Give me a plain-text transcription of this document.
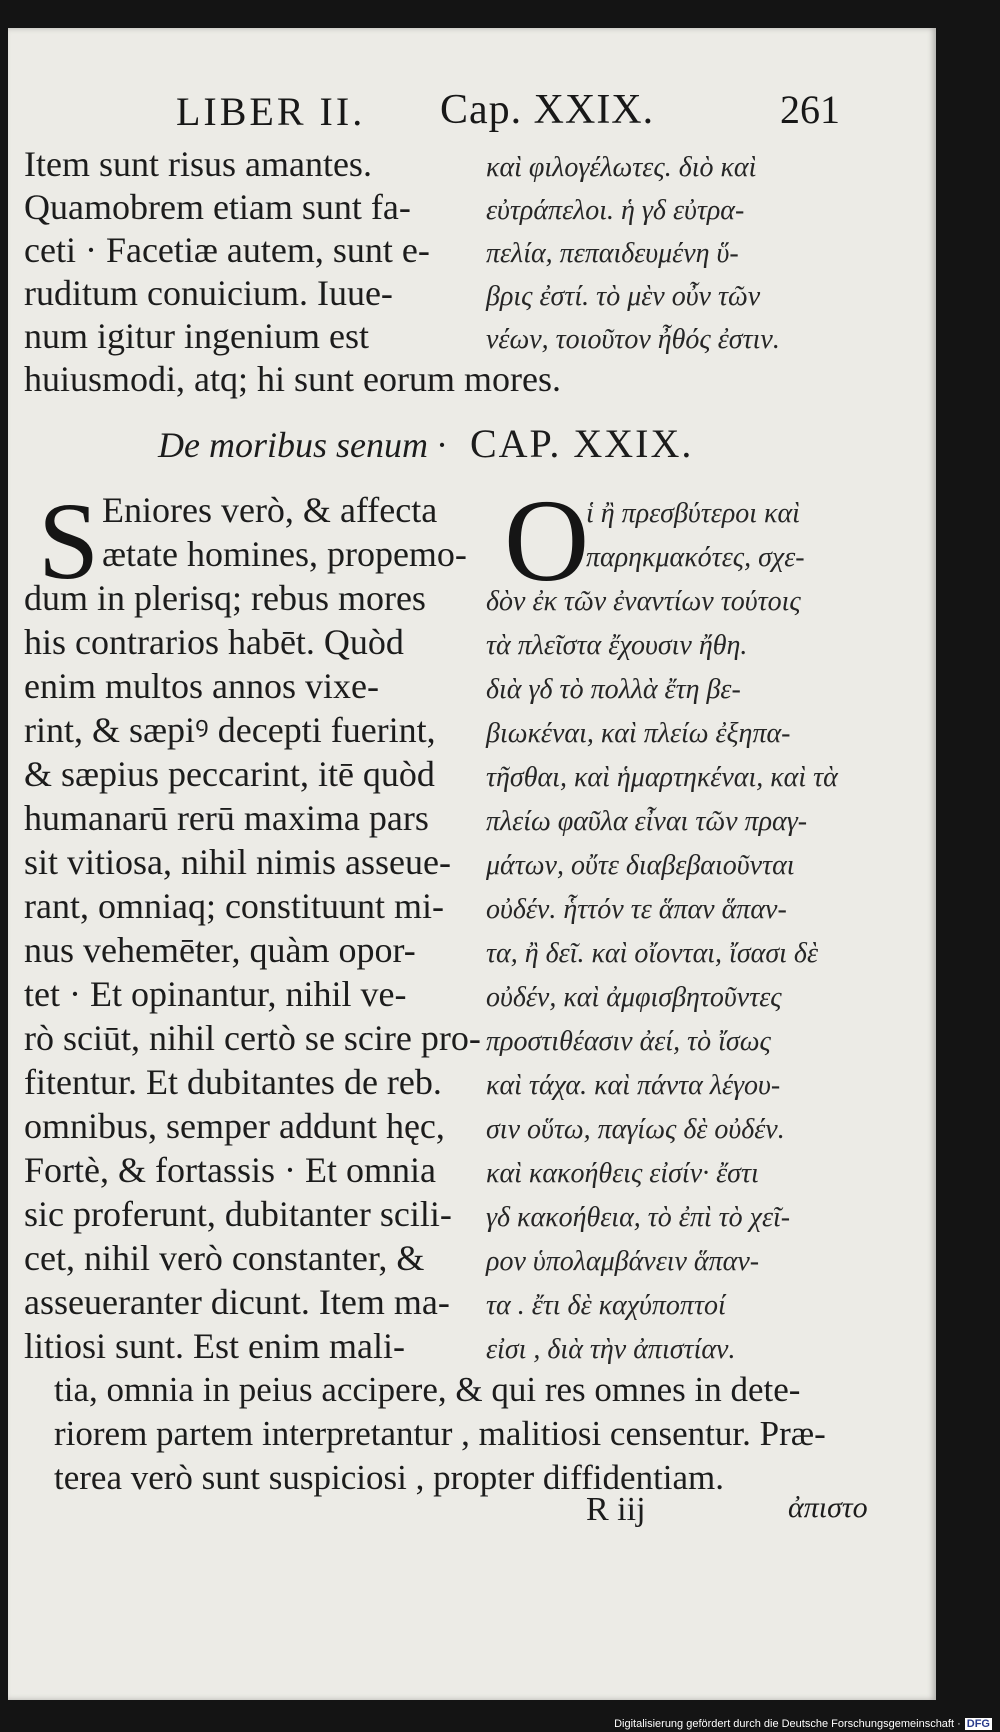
LIBER II. Cap. XXIX.	261
Item sunt risus amantes.
Quamobrem etiam sunt fa-
ceti · Facetiæ autem, sunt e-
ruditum conuicium. Iuue-
num igitur ingenium est
huiusmodi, atq; hi sunt eorum mores.
καὶ φιλογέλωτες. διὸ καὶ
εὐτράπελοι. ἡ γδ εὐτρα-
πελία, πεπαιδευμένη ὕ-
βρις ἐστί. τὸ μὲν οὖν τῶν
νέων, τοιοῦτον ἦθός ἐστιν.
De moribus senum · CAP. XXIX.
S	O
Eniores verò, & affecta
ætate homines, propemo-
dum in plerisq; rebus mores
his contrarios habēt. Quòd
enim multos annos vixe-
rint, & sæpiꝰ decepti fuerint,
& sæpius peccarint, itē quòd
humanarū rerū maxima pars
sit vitiosa, nihil nimis asseue-
rant, omniaq; constituunt mi-
nus vehemēter, quàm opor-
tet · Et opinantur, nihil ve-
rò sciūt, nihil certò se scire pro-
fitentur. Et dubitantes de reb.
omnibus, semper addunt hęc,
Fortè, & fortassis · Et omnia
sic proferunt, dubitanter scili-
cet, nihil verò constanter, &
asseueranter dicunt. Item ma-
litiosi sunt. Est enim mali-
ἱ ἢ πρεσβύτεροι καὶ
παρηκμακότες, σχε-
δὸν ἐκ τῶν ἐναντίων τούτοις
τὰ πλεῖστα ἔχουσιν ἤθη.
διὰ γδ τὸ πολλὰ ἔτη βε-
βιωκέναι, καὶ πλείω ἐξηπα-
τῆσθαι, καὶ ἡμαρτηκέναι, καὶ τὰ
πλείω φαῦλα εἶναι τῶν πραγ-
μάτων, οὔτε διαβεβαιοῦνται
οὐδέν. ἧττόν τε ἅπαν ἅπαν-
τα, ἢ δεῖ. καὶ οἴονται, ἴσασι δὲ
οὐδέν, καὶ ἀμφισβητοῦντες
προστιθέασιν ἀεί, τὸ ἴσως
καὶ τάχα. καὶ πάντα λέγου-
σιν οὕτω, παγίως δὲ οὐδέν.
καὶ κακοήθεις εἰσίν· ἔστι
γδ κακοήθεια, τὸ ἐπὶ τὸ χεῖ-
ρον ὑπολαμβάνειν ἅπαν-
τα . ἔτι δὲ καχύποπτοί
εἰσι , διὰ τὴν ἀπιστίαν.
tia, omnia in peius accipere, & qui res omnes in dete-
riorem partem interpretantur , malitiosi censentur. Præ-
terea verò sunt suspiciosi , propter diffidentiam.
R iij	ἀπιστο
Digitalisierung gefördert durch die Deutsche Forschungsgemeinschaft · DFG
